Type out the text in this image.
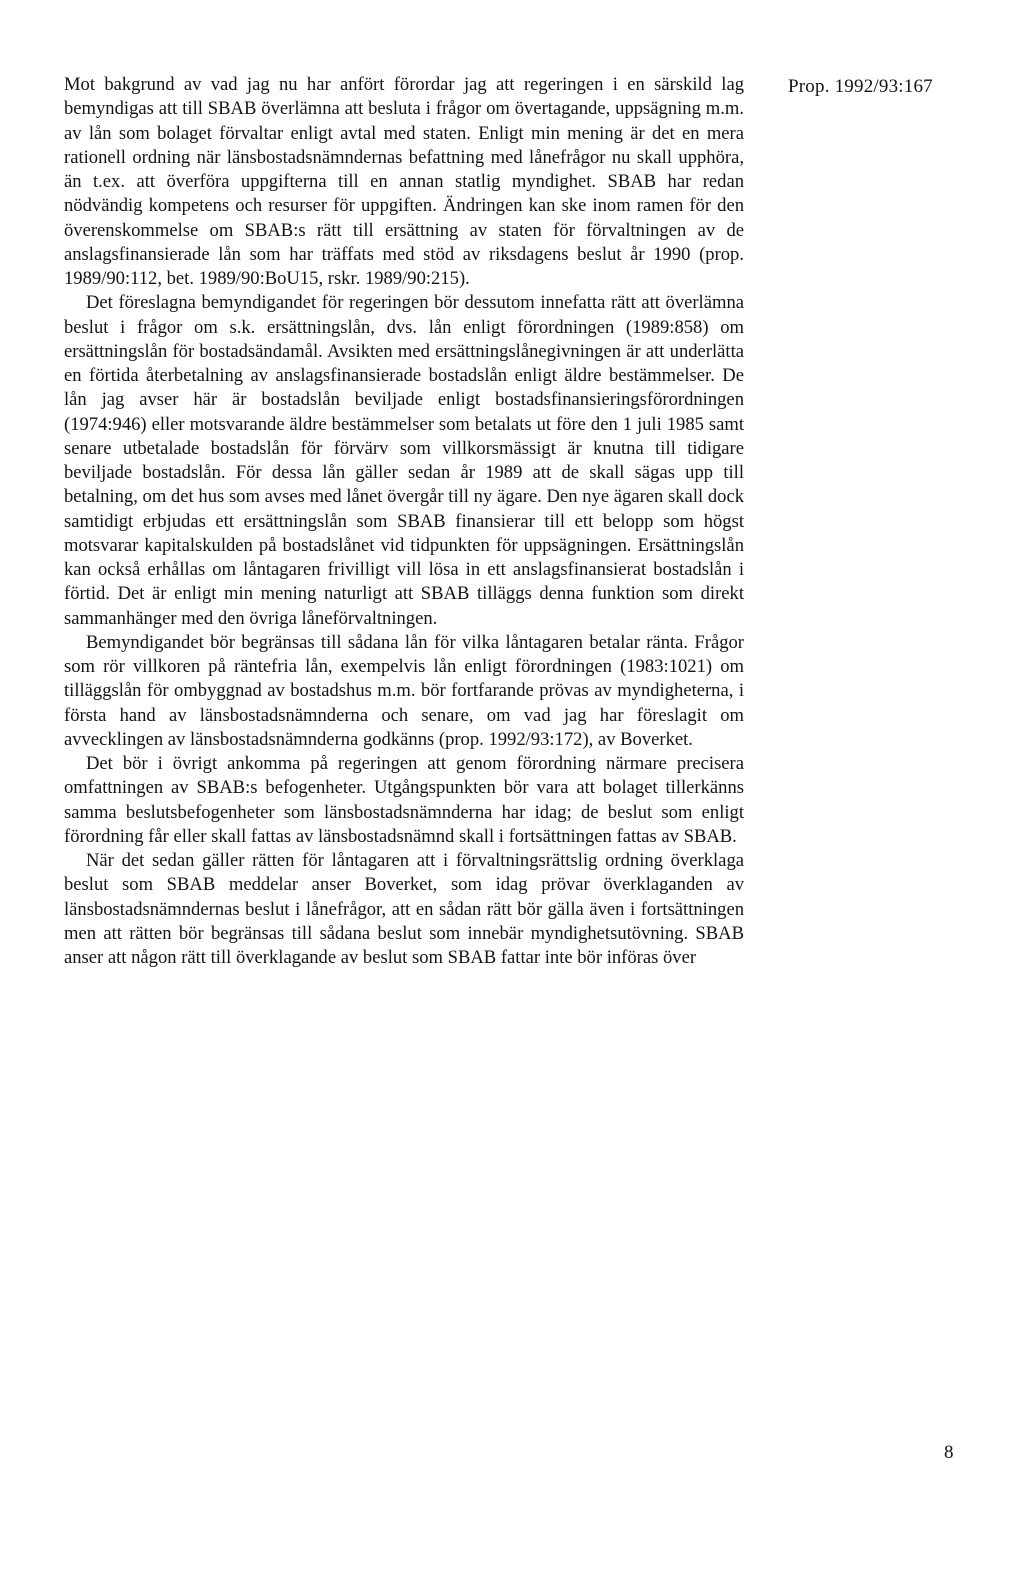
Prop. 1992/93:167

Mot bakgrund av vad jag nu har anfört förordar jag att regeringen i en särskild lag bemyndigas att till SBAB överlämna att besluta i frågor om övertagande, uppsägning m.m. av lån som bolaget förvaltar enligt avtal med staten. Enligt min mening är det en mera rationell ordning när länsbostadsnämndernas befattning med lånefrågor nu skall upphöra, än t.ex. att överföra uppgifterna till en annan statlig myndighet. SBAB har redan nödvändig kompetens och resurser för uppgiften. Ändringen kan ske inom ramen för den överenskommelse om SBAB:s rätt till ersättning av staten för förvaltningen av de anslagsfinansierade lån som har träffats med stöd av riksdagens beslut år 1990 (prop. 1989/90:112, bet. 1989/90:BoU15, rskr. 1989/90:215).

Det föreslagna bemyndigandet för regeringen bör dessutom innefatta rätt att överlämna beslut i frågor om s.k. ersättningslån, dvs. lån enligt förordningen (1989:858) om ersättningslån för bostadsändamål. Avsikten med ersättningslånegivningen är att underlätta en förtida återbetalning av anslagsfinansierade bostadslån enligt äldre bestämmelser. De lån jag avser här är bostadslån beviljade enligt bostadsfinansieringsförordningen (1974:946) eller motsvarande äldre bestämmelser som betalats ut före den 1 juli 1985 samt senare utbetalade bostadslån för förvärv som villkorsmässigt är knutna till tidigare beviljade bostadslån. För dessa lån gäller sedan år 1989 att de skall sägas upp till betalning, om det hus som avses med lånet övergår till ny ägare. Den nye ägaren skall dock samtidigt erbjudas ett ersättningslån som SBAB finansierar till ett belopp som högst motsvarar kapitalskulden på bostadslånet vid tidpunkten för uppsägningen. Ersättningslån kan också erhållas om låntagaren frivilligt vill lösa in ett anslagsfinansierat bostadslån i förtid. Det är enligt min mening naturligt att SBAB tilläggs denna funktion som direkt sammanhänger med den övriga låneförvaltningen.

Bemyndigandet bör begränsas till sådana lån för vilka låntagaren betalar ränta. Frågor som rör villkoren på räntefria lån, exempelvis lån enligt förordningen (1983:1021) om tilläggslån för ombyggnad av bostadshus m.m. bör fortfarande prövas av myndigheterna, i första hand av länsbostadsnämnderna och senare, om vad jag har föreslagit om avvecklingen av länsbostadsnämnderna godkänns (prop. 1992/93:172), av Boverket.

Det bör i övrigt ankomma på regeringen att genom förordning närmare precisera omfattningen av SBAB:s befogenheter. Utgångspunkten bör vara att bolaget tillerkänns samma beslutsbefogenheter som länsbostadsnämnderna har idag; de beslut som enligt förordning får eller skall fattas av länsbostadsnämnd skall i fortsättningen fattas av SBAB.

När det sedan gäller rätten för låntagaren att i förvaltningsrättslig ordning överklaga beslut som SBAB meddelar anser Boverket, som idag prövar överklaganden av länsbostadsnämndernas beslut i lånefrågor, att en sådan rätt bör gälla även i fortsättningen men att rätten bör begränsas till sådana beslut som innebär myndighetsutövning. SBAB anser att någon rätt till överklagande av beslut som SBAB fattar inte bör införas över

8
